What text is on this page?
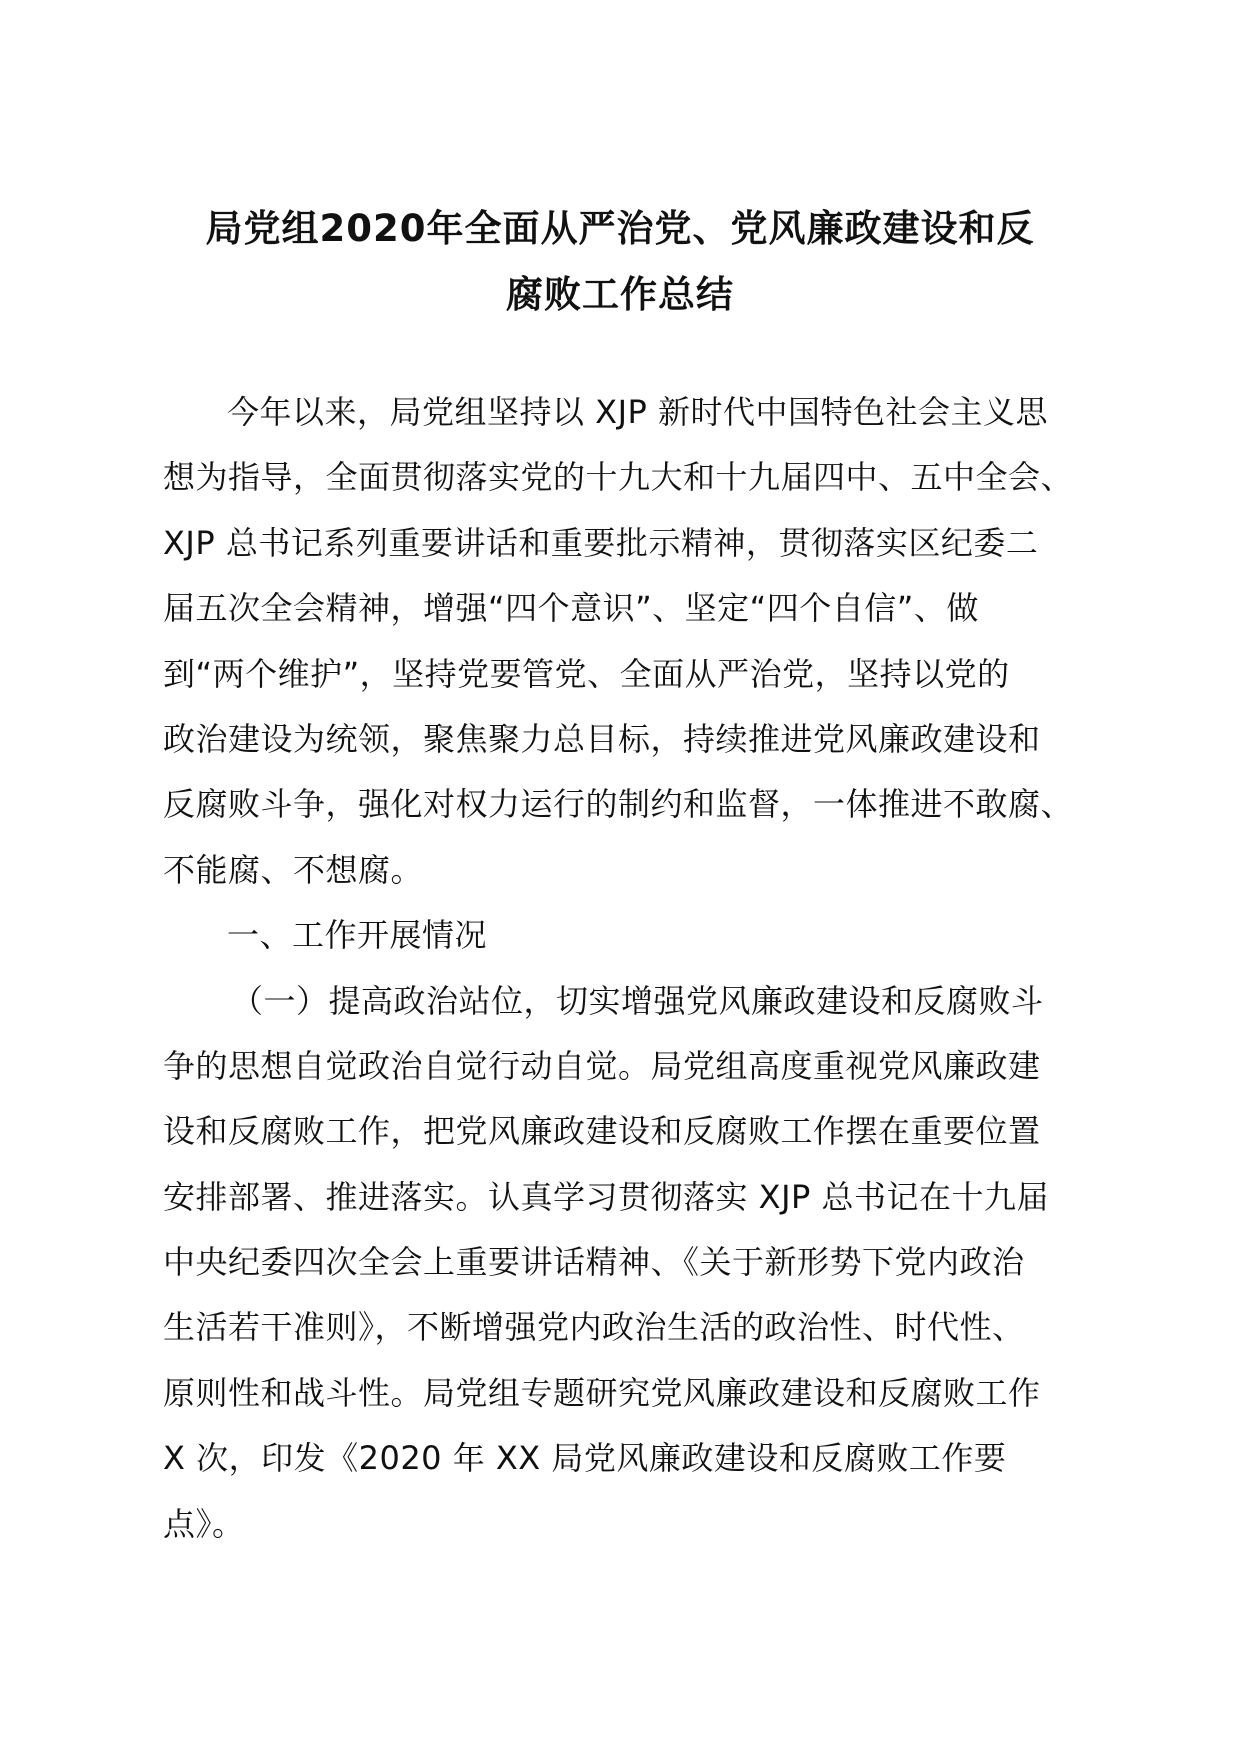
局党组2020年全面从严治党、党风廉政建设和反
腐败工作总结
今年以来，局党组坚持以 XJP 新时代中国特色社会主义思
想为指导，全面贯彻落实党的十九大和十九届四中、五中全会、
XJP 总书记系列重要讲话和重要批示精神，贯彻落实区纪委二
届五次全会精神，增强“四个意识”、坚定“四个自信”、做
到“两个维护”，坚持党要管党、全面从严治党，坚持以党的
政治建设为统领，聚焦聚力总目标，持续推进党风廉政建设和
反腐败斗争，强化对权力运行的制约和监督，一体推进不敢腐、
不能腐、不想腐。
一、工作开展情况
（一）提高政治站位，切实增强党风廉政建设和反腐败斗
争的思想自觉政治自觉行动自觉。局党组高度重视党风廉政建
设和反腐败工作，把党风廉政建设和反腐败工作摆在重要位置
安排部署、推进落实。认真学习贯彻落实 XJP 总书记在十九届
中央纪委四次全会上重要讲话精神、《关于新形势下党内政治
生活若干准则》，不断增强党内政治生活的政治性、时代性、
原则性和战斗性。局党组专题研究党风廉政建设和反腐败工作
X 次，印发《2020 年 XX 局党风廉政建设和反腐败工作要
点》。
